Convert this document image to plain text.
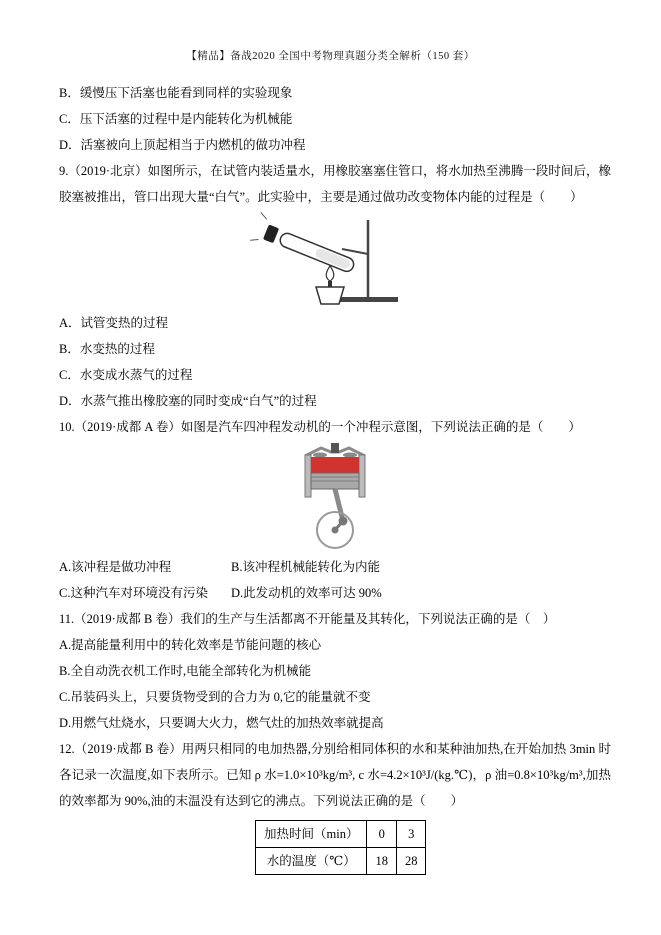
【精品】备战2020 全国中考物理真题分类全解析（150 套）

B．缓慢压下活塞也能看到同样的实验现象

C．压下活塞的过程中是内能转化为机械能

D．活塞被向上顶起相当于内燃机的做功冲程

9.（2019·北京）如图所示，在试管内装适量水，用橡胶塞塞住管口，将水加热至沸腾一段时间后，橡胶塞被推出，管口出现大量“白气”。此实验中，主要是通过做功改变物体内能的过程是（　　）

A．试管变热的过程

B．水变热的过程

C．水变成水蒸气的过程

D．水蒸气推出橡胶塞的同时变成“白气”的过程

10.（2019·成都 A 卷）如图是汽车四冲程发动机的一个冲程示意图，下列说法正确的是（　　）

A.该冲程是做功冲程	B.该冲程机械能转化为内能

C.这种汽车对环境没有污染	D.此发动机的效率可达 90%

11.（2019·成都 B 卷）我们的生产与生活都离不开能量及其转化，下列说法正确的是（　）

A.提高能量利用中的转化效率是节能问题的核心

B.全自动洗衣机工作时,电能全部转化为机械能

C.吊装码头上，只要货物受到的合力为 0,它的能量就不变

D.用燃气灶烧水，只要调大火力，燃气灶的加热效率就提高

12.（2019·成都 B 卷）用两只相同的电加热器,分别给相同体积的水和某种油加热,在开始加热 3min 时各记录一次温度,如下表所示。已知 ρ 水=1.0×10³kg/m³, c 水=4.2×10³J/(kg.℃)，ρ 油=0.8×10³kg/m³,加热的效率都为 90%,油的末温没有达到它的沸点。下列说法正确的是（　　）

加热时间（min）	0	3
水的温度（℃）	18	28
